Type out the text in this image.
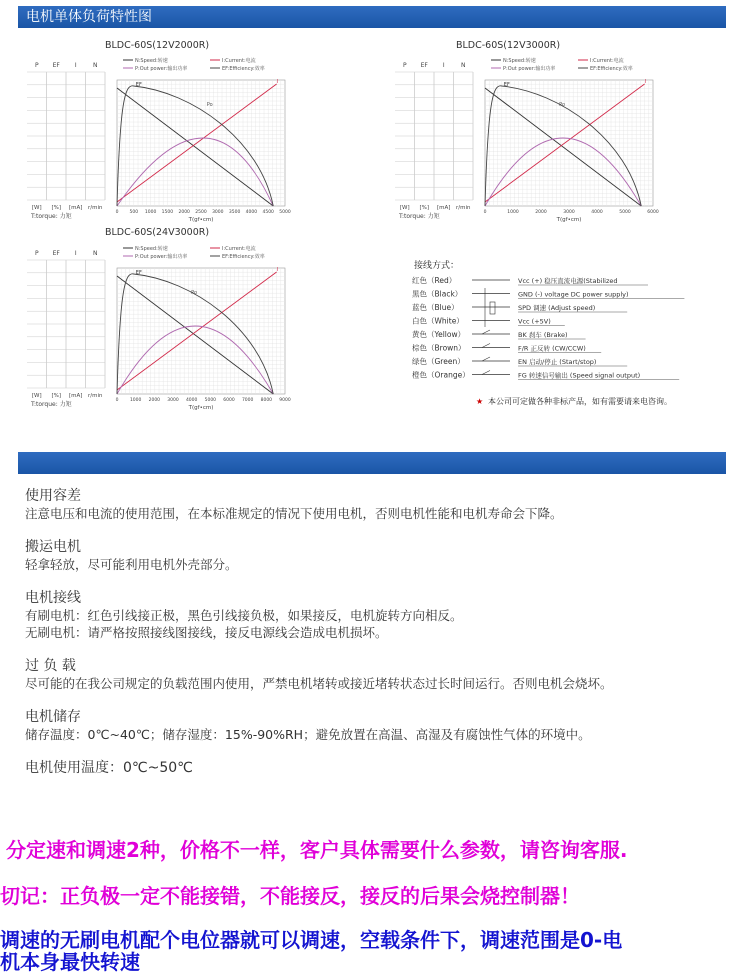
电机单体负荷特性图
BLDC-60S(12V2000R)
P EF I	N
[W] [%] [mA] r/min
T:torque: 力矩
N:Speed:转速
P:Out power:输出功率
I:Current:电流
EF:Efficiency:效率
0 500 1000 1500 2000 2500 3000 3500 4000 4500 5000
T(gf•cm)
I
Po
EF
BLDC-60S(12V3000R)
P EF I	N
[W] [%] [mA] r/min
T:torque: 力矩
N:Speed:转速
P:Out power:输出功率
I:Current:电流
EF:Efficiency:效率
0	1000	2000	3000	4000	5000	6000
T(gf•cm)
I
Po
EF
BLDC-60S(24V3000R)
P EF I	N
[W] [%] [mA] r/min
T:torque: 力矩
N:Speed:转速
P:Out power:输出功率
I:Current:电流
EF:Efficiency:效率
0	1000 2000 3000 4000 5000 6000 7000 8000 9000
T(gf•cm)
I
Po
EF
接线方式：
红色（Red）	Vcc (+) 稳压直流电源(Stabilized
黑色（Black）	GND (-) voltage DC power supply)
蓝色（Blue）	SPD 调速 (Adjust speed)
白色（White）	Vcc (+5V)
黄色（Yellow）	BK 刹车 (Brake)
棕色（Brown）	F/R 正反转 (CW/CCW)
绿色（Green）	EN 启动/停止 (Start/stop)
橙色（Orange）	FG 转速信号输出 (Speed signal output)
★ 本公司可定做各种非标产品，如有需要请来电咨询。
使用容差
注意电压和电流的使用范围，在本标准规定的情况下使用电机，否则电机性能和电机寿命会下降。
搬运电机
轻拿轻放，尽可能利用电机外壳部分。
电机接线
有刷电机：红色引线接正极，黑色引线接负极，如果接反，电机旋转方向相反。
无刷电机：请严格按照接线图接线，接反电源线会造成电机损坏。
过 负 载
尽可能的在我公司规定的负载范围内使用，严禁电机堵转或接近堵转状态过长时间运行。否则电机会烧坏。
电机储存
储存温度：0℃~40℃；储存湿度：15%-90%RH；避免放置在高温、高湿及有腐蚀性气体的环境中。
电机使用温度：0℃~50℃
分定速和调速2种，价格不一样，客户具体需要什么参数，请咨询客服.
切记：正负极一定不能接错，不能接反，接反的后果会烧控制器！
调速的无刷电机配个电位器就可以调速，空载条件下，调速范围是0-电
机本身最快转速
